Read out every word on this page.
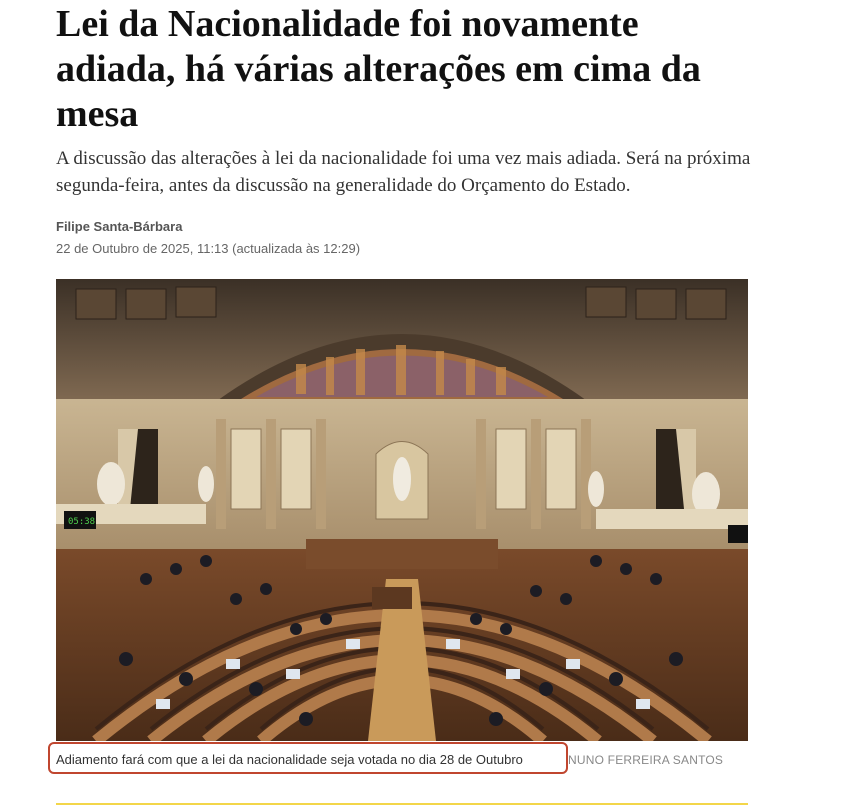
Lei da Nacionalidade foi novamente adiada, há várias alterações em cima da mesa

A discussão das alterações à lei da nacionalidade foi uma vez mais adiada. Será na próxima segunda-feira, antes da discussão na generalidade do Orçamento do Estado.

Filipe Santa-Bárbara
22 de Outubro de 2025, 11:13 (actualizada às 12:29)
05:38
Adiamento fará com que a lei da nacionalidade seja votada no dia 28 de Outubro	NUNO FERREIRA SANTOS
